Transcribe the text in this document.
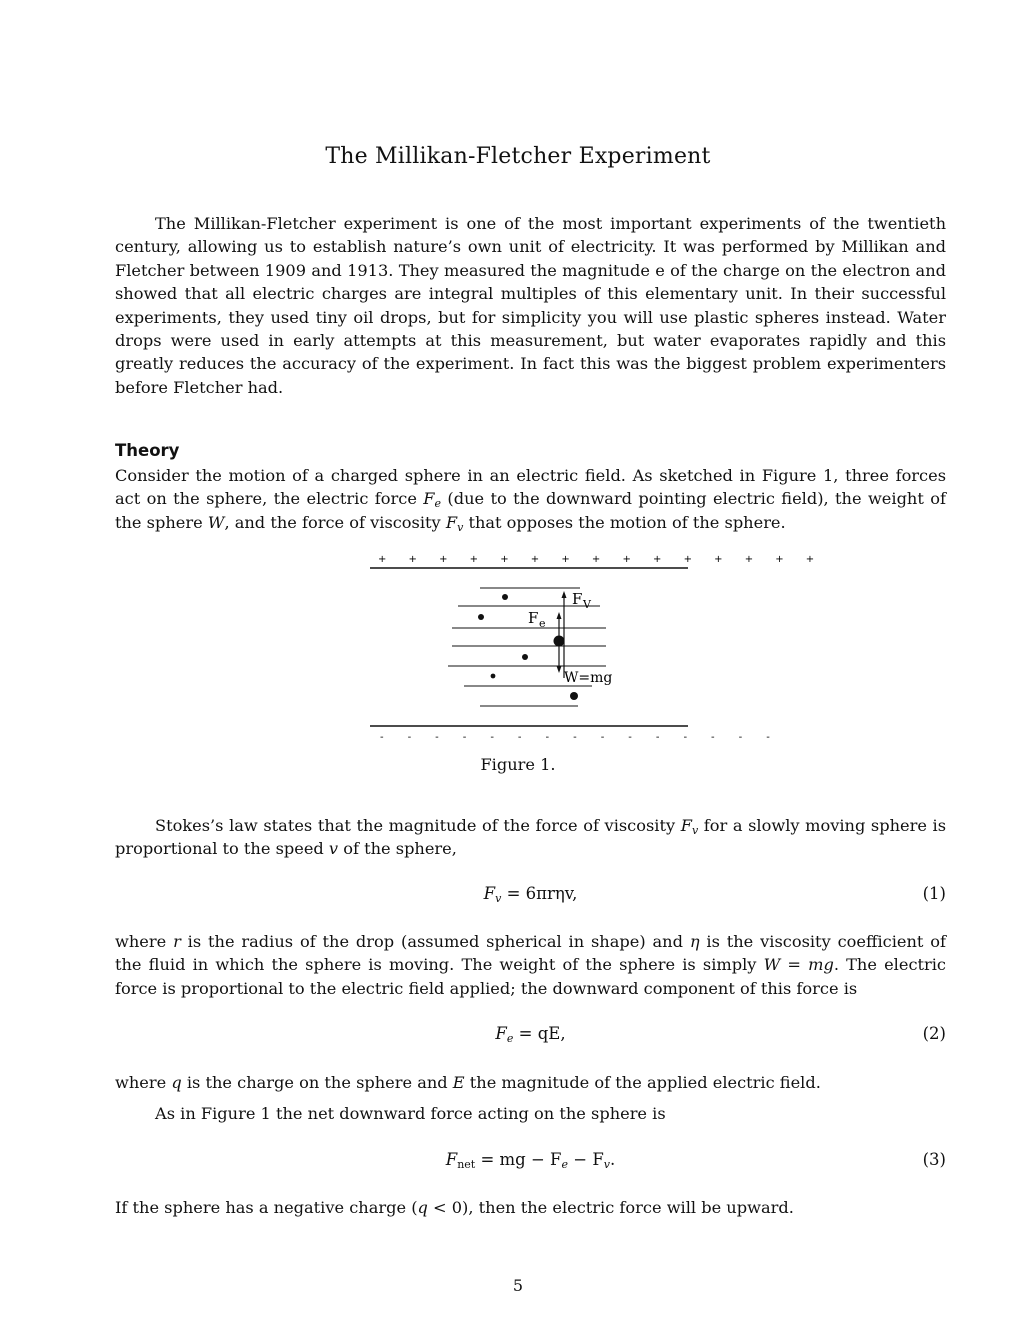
The Millikan-Fletcher Experiment

The Millikan-Fletcher experiment is one of the most important experiments of the twentieth century, allowing us to establish nature’s own unit of electricity. It was performed by Millikan and Fletcher between 1909 and 1913. They measured the magnitude e of the charge on the electron and showed that all electric charges are integral multiples of this elementary unit. In their successful experiments, they used tiny oil drops, but for simplicity you will use plastic spheres instead. Water drops were used in early attempts at this measurement, but water evaporates rapidly and this greatly reduces the accuracy of the experiment. In fact this was the biggest problem experimenters before Fletcher had.

Theory

Consider the motion of a charged sphere in an electric field. As sketched in Figure 1, three forces act on the sphere, the electric force $F_e$ (due to the downward pointing electric field), the weight of the sphere W, and the force of viscosity $F_v$ that opposes the motion of the sphere.

+ + + + + + + + + + + + + + +
F V
F e
W=mg
- - - - - - - - - - - - - - -
Figure 1.

Stokes’s law states that the magnitude of the force of viscosity $F_v$ for a slowly moving sphere is proportional to the speed v of the sphere,

$F_v = 6\pi r\eta v$,	(1)

where r is the radius of the drop (assumed spherical in shape) and η is the viscosity coefficient of the fluid in which the sphere is moving. The weight of the sphere is simply W = mg. The electric force is proportional to the electric field applied; the downward component of this force is

$F_e$ = qE,	(2)

where q is the charge on the sphere and E the magnitude of the applied electric field.

As in Figure 1 the net downward force acting on the sphere is

$F_{net}$ = mg − $F_e - F_v$.	(3)

If the sphere has a negative charge (q < 0), then the electric force will be upward.

5
